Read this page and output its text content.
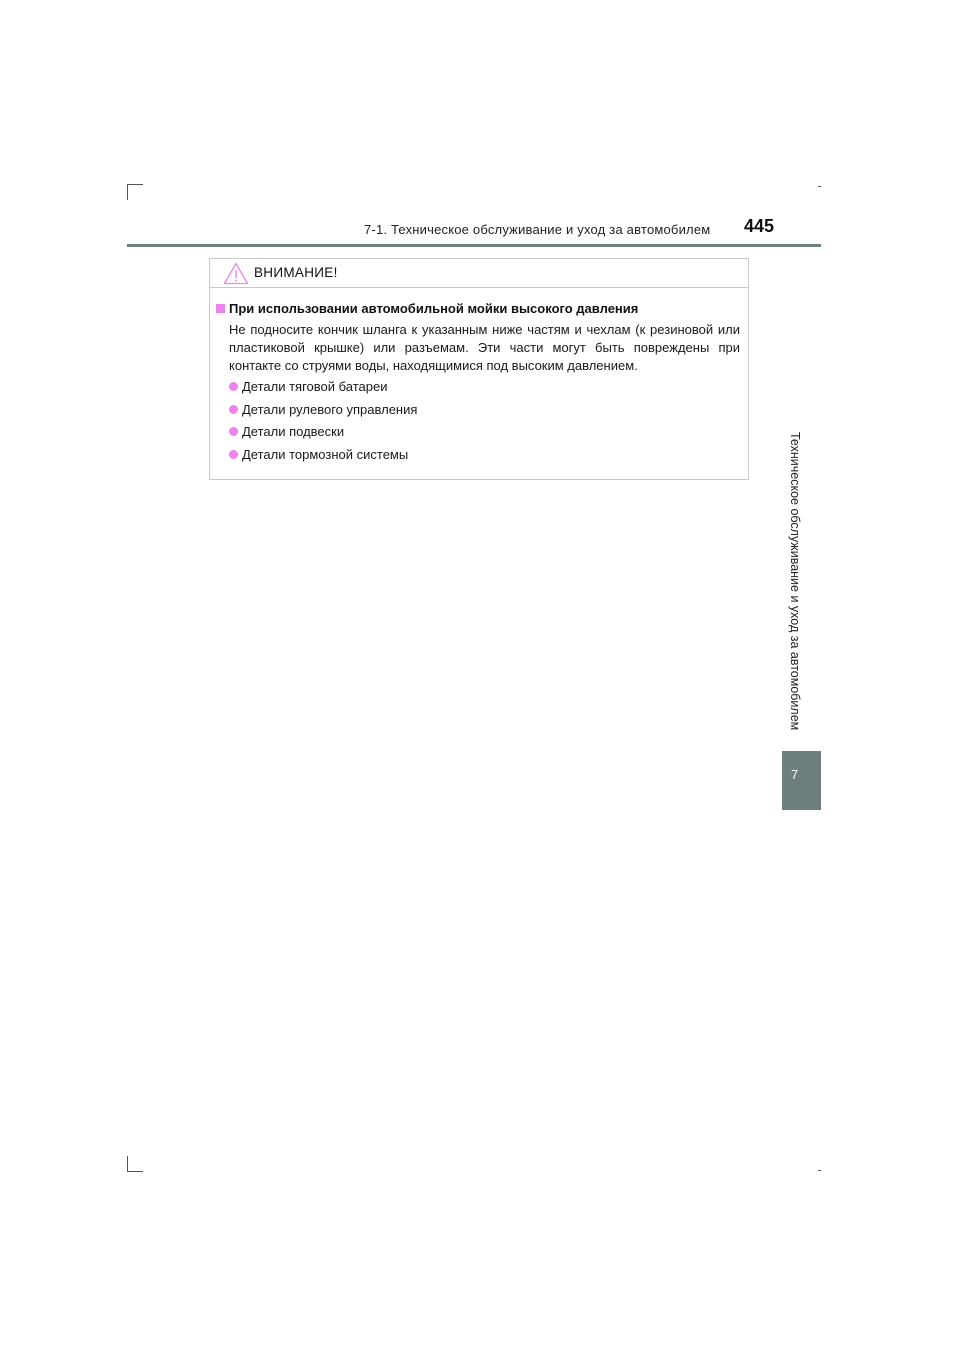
7-1. Техническое обслуживание и уход за автомобилем 445
Техническое обслуживание и уход за автомобилем
7
ВНИМАНИЕ!
При использовании автомобильной мойки высокого давления
Не подносите кончик шланга к указанным ниже частям и чехлам (к резиновой или пластиковой крышке) или разъемам. Эти части могут быть повреждены при контакте со струями воды, находящимися под высоким давлением.
Детали тяговой батареи
Детали рулевого управления
Детали подвески
Детали тормозной системы
